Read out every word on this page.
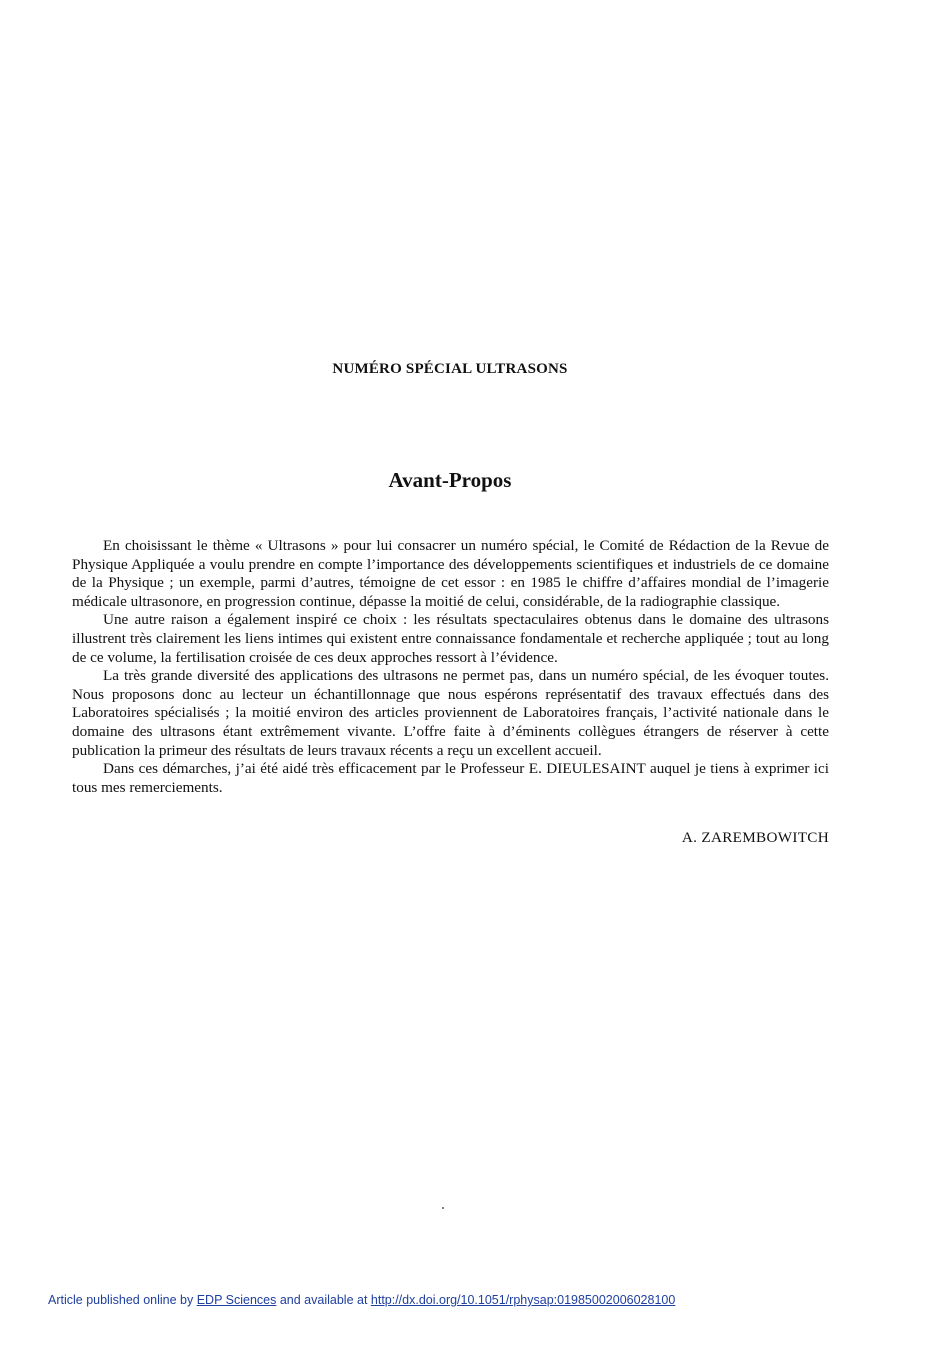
NUMÉRO SPÉCIAL ULTRASONS
Avant-Propos

En choisissant le thème « Ultrasons » pour lui consacrer un numéro spécial, le Comité de Rédaction de la Revue de Physique Appliquée a voulu prendre en compte l’importance des développements scientifiques et industriels de ce domaine de la Physique ; un exemple, parmi d’autres, témoigne de cet essor : en 1985 le chiffre d’affaires mondial de l’imagerie médicale ultrasonore, en progression continue, dépasse la moitié de celui, considérable, de la radiographie classique.

Une autre raison a également inspiré ce choix : les résultats spectaculaires obtenus dans le domaine des ultrasons illustrent très clairement les liens intimes qui existent entre connaissance fondamentale et recherche appliquée ; tout au long de ce volume, la fertilisation croisée de ces deux approches ressort à l’évidence.

La très grande diversité des applications des ultrasons ne permet pas, dans un numéro spécial, de les évoquer toutes. Nous proposons donc au lecteur un échantillonnage que nous espérons représentatif des travaux effectués dans des Laboratoires spécialisés ; la moitié environ des articles proviennent de Laboratoires français, l’activité nationale dans le domaine des ultrasons étant extrêmement vivante. L’offre faite à d’éminents collègues étrangers de réserver à cette publication la primeur des résultats de leurs travaux récents a reçu un excellent accueil.

Dans ces démarches, j’ai été aidé très efficacement par le Professeur E. DIEULESAINT auquel je tiens à exprimer ici tous mes remerciements.

A. ZAREMBOWITCH
Article published online by EDP Sciences and available at http://dx.doi.org/10.1051/rphysap:01985002006028100
